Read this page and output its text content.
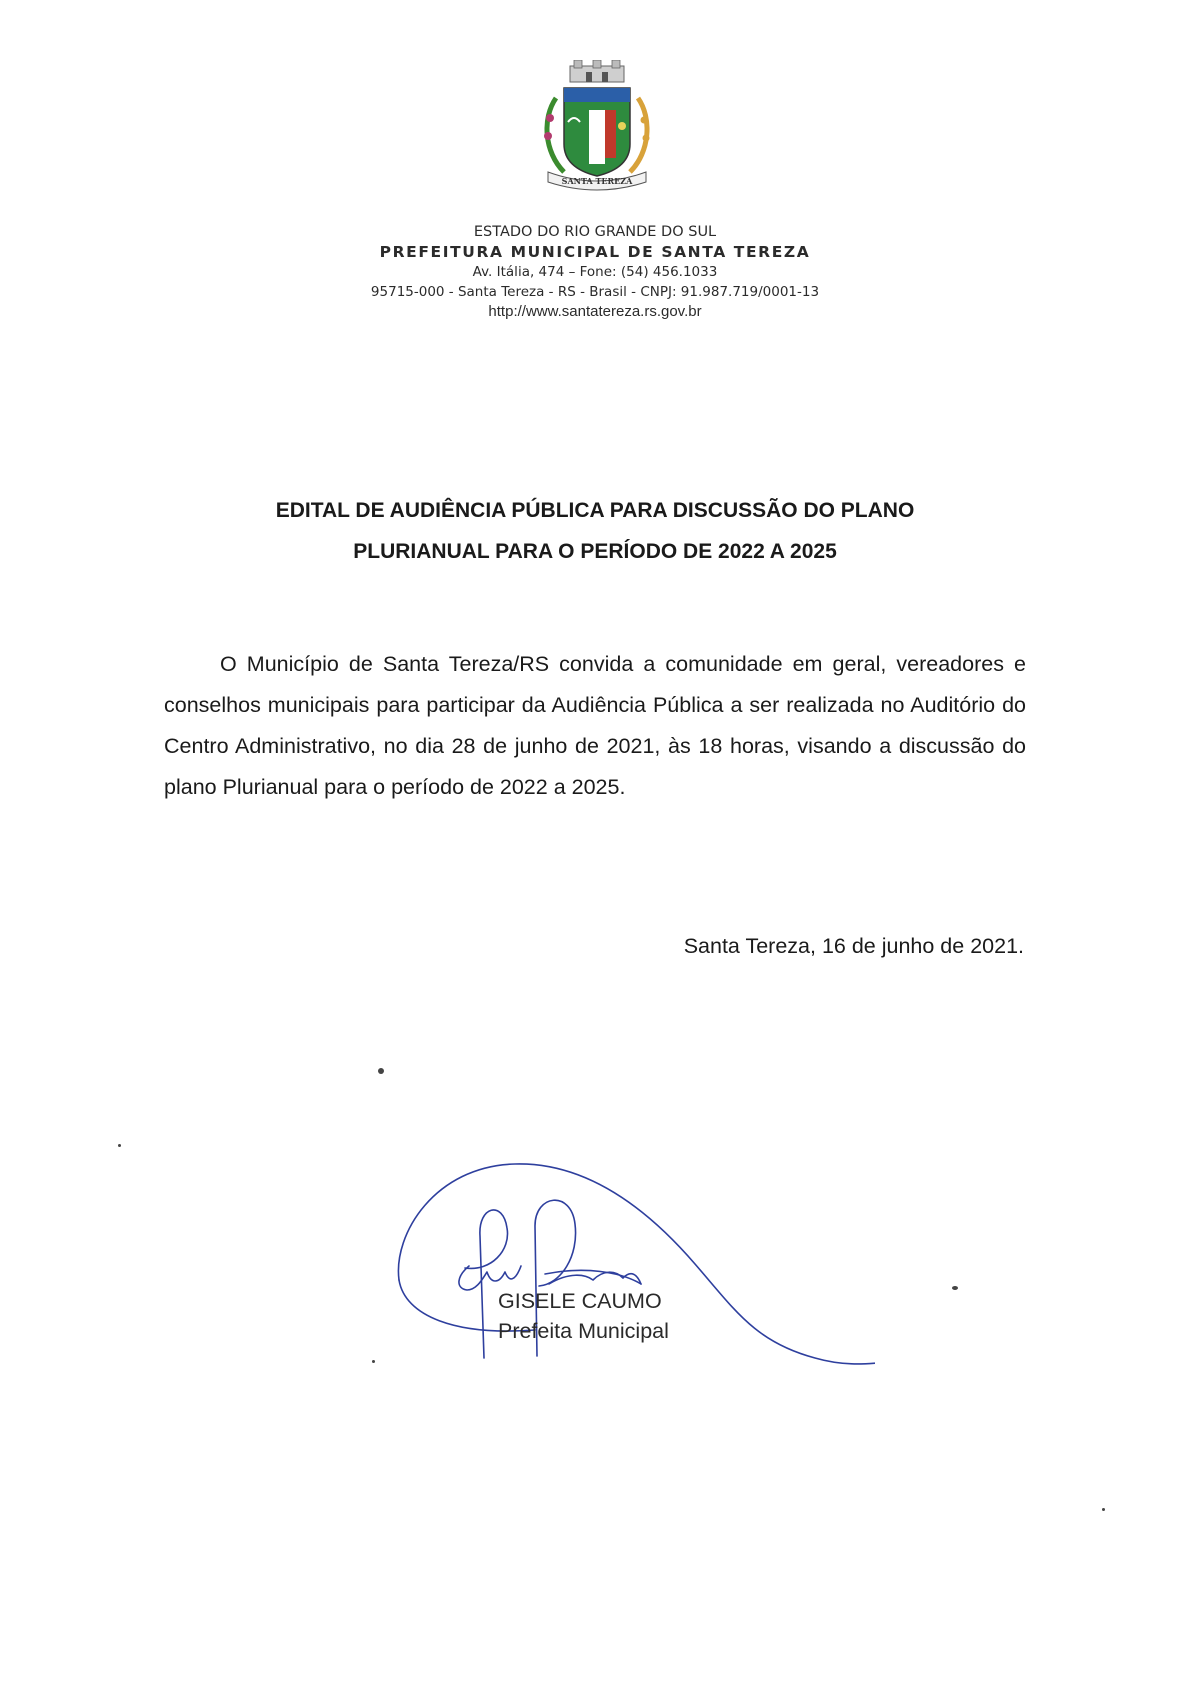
SANTA TEREZA
ESTADO DO RIO GRANDE DO SUL
PREFEITURA MUNICIPAL DE SANTA TEREZA
Av. Itália, 474 – Fone: (54) 456.1033
95715-000 - Santa Tereza - RS - Brasil - CNPJ: 91.987.719/0001-13
http://www.santatereza.rs.gov.br
EDITAL DE AUDIÊNCIA PÚBLICA PARA DISCUSSÃO DO PLANO
PLURIANUAL PARA O PERÍODO DE 2022 A 2025

O Município de Santa Tereza/RS convida a comunidade em geral, vereadores e conselhos municipais para participar da Audiência Pública a ser realizada no Auditório do Centro Administrativo, no dia 28 de junho de 2021, às 18 horas, visando a discussão do plano Plurianual para o período de 2022 a 2025.

Santa Tereza, 16 de junho de 2021.
GISELE CAUMO
Prefeita Municipal
